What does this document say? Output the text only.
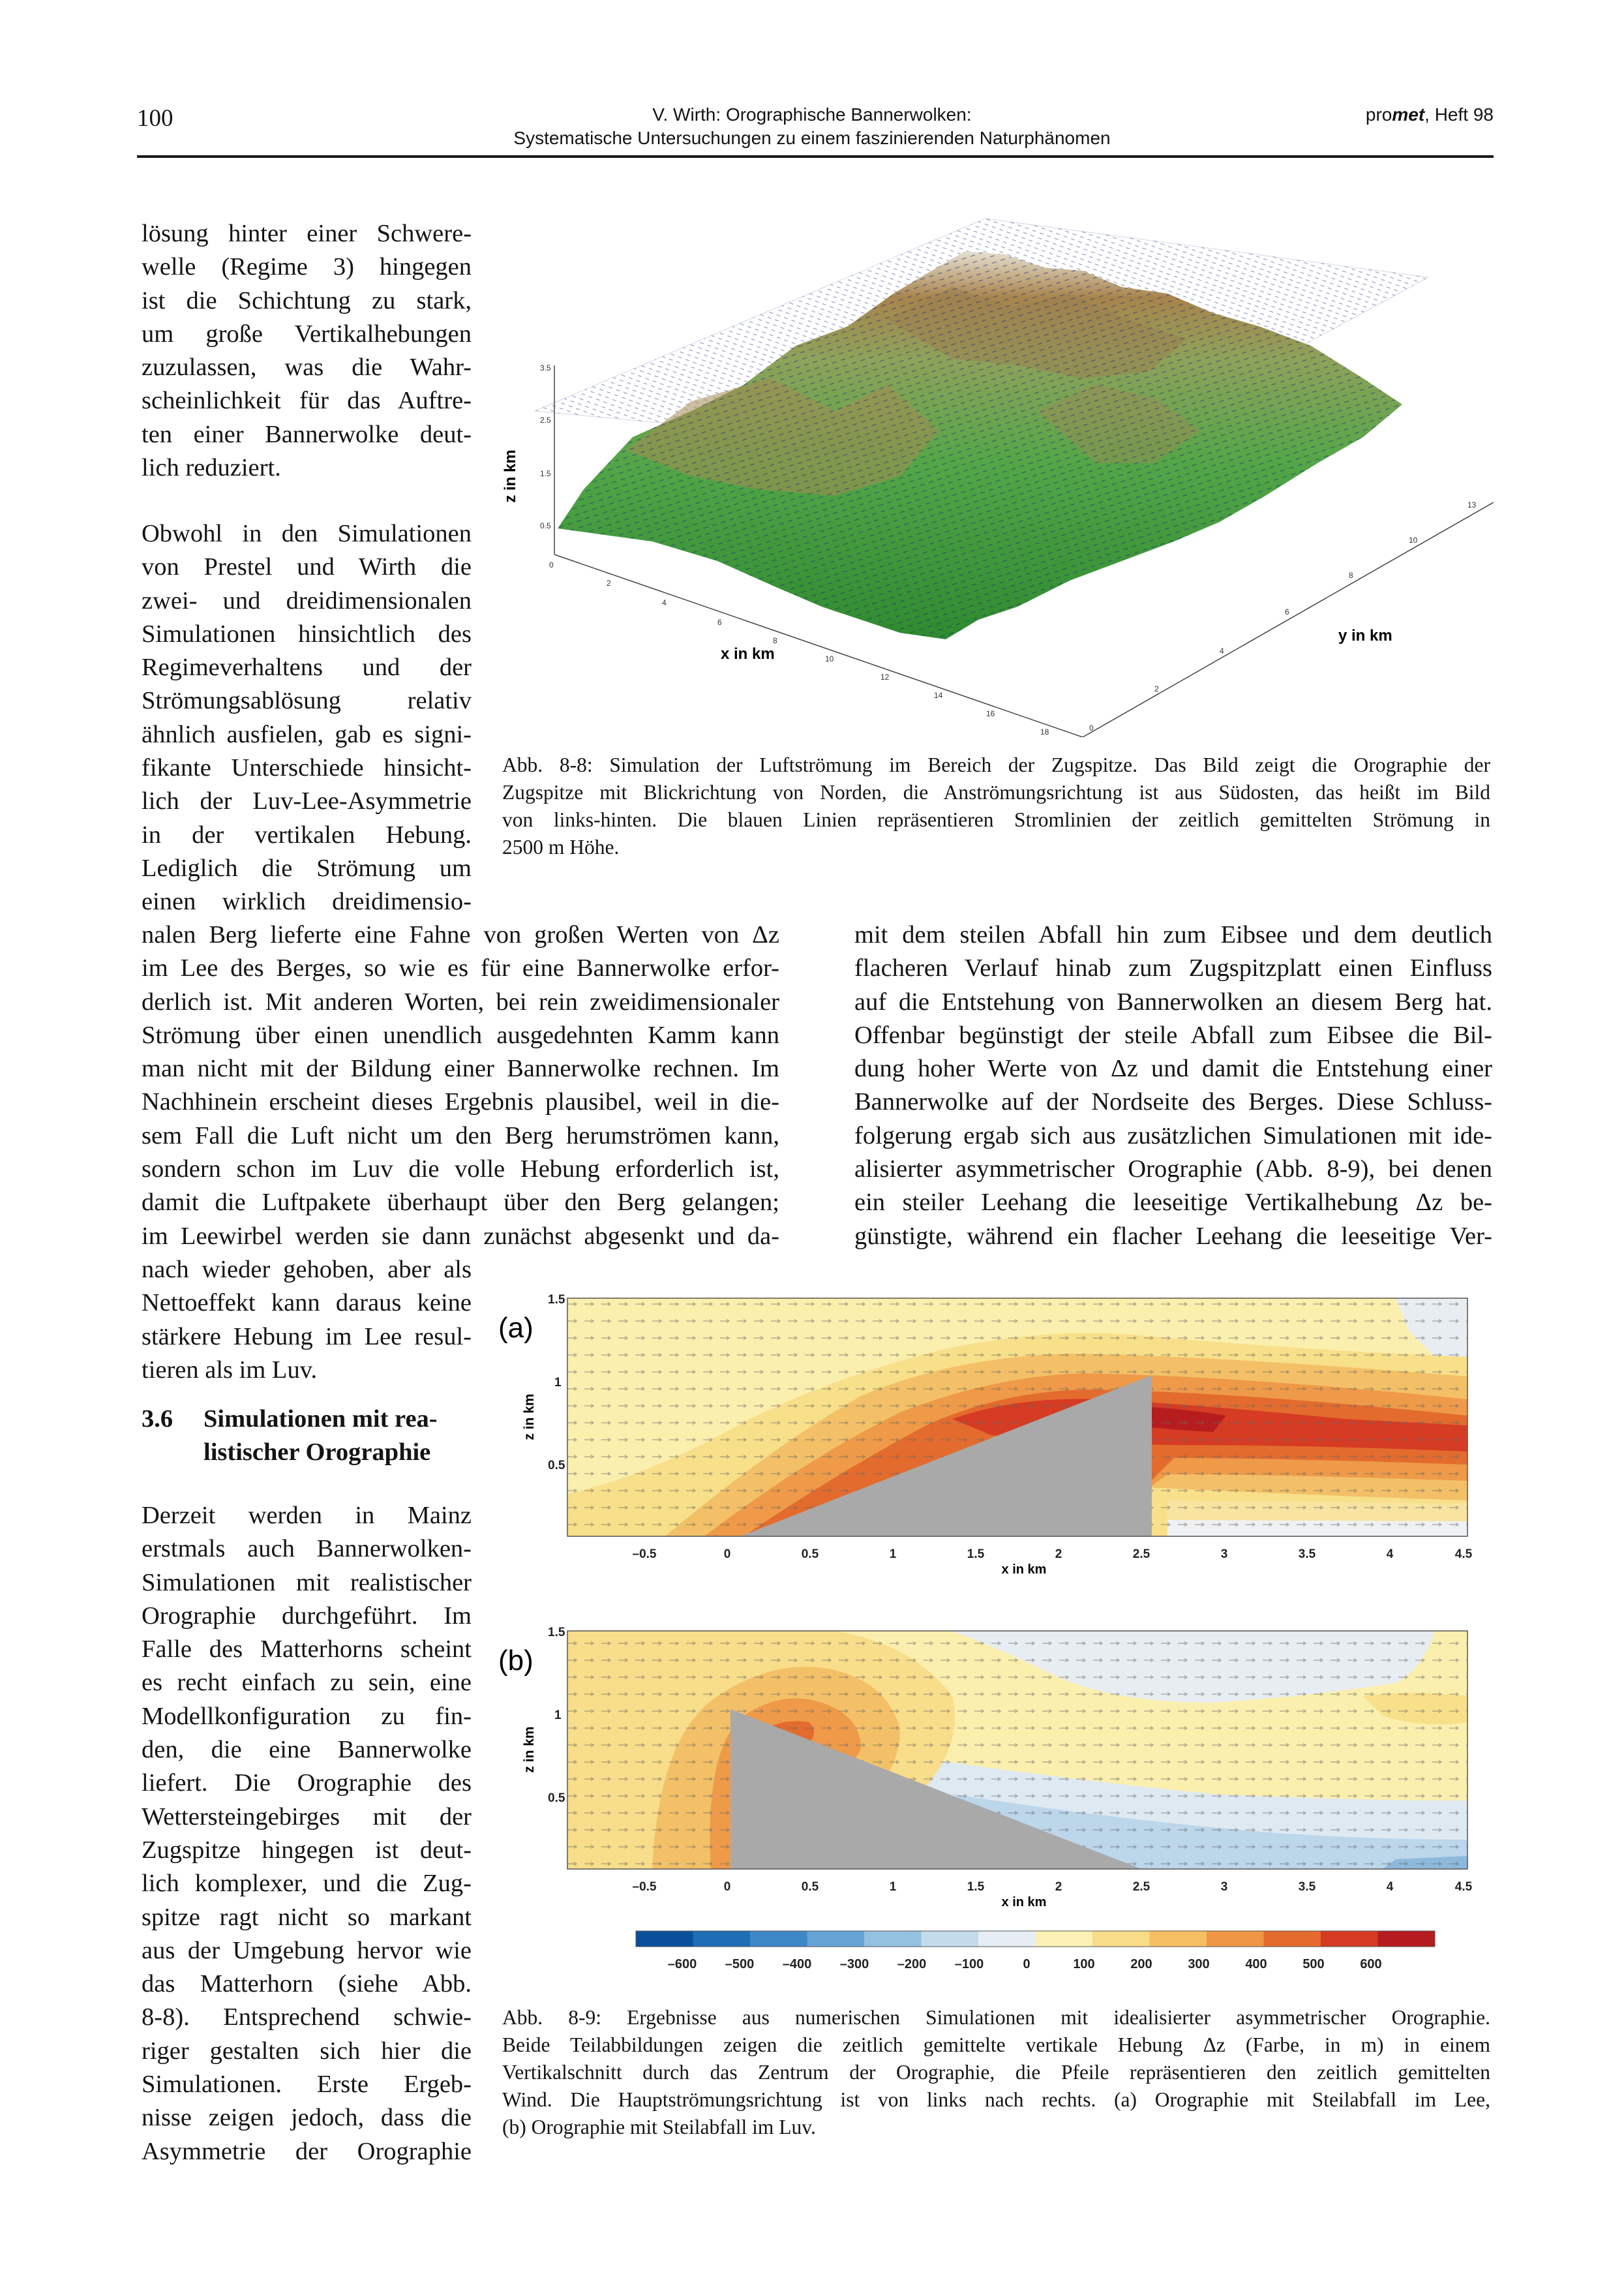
100	V. Wirth: Orographische Bannerwolken:
Systematische Untersuchungen zu einem faszinierenden Naturphänomen
promet, Heft 98
lösung hinter einer Schwere-
welle (Regime 3) hingegen
ist die Schichtung zu stark,
um große Vertikalhebungen
zuzulassen, was die Wahr-
scheinlichkeit für das Auftre-
ten einer Bannerwolke deut-
lich reduziert.
Obwohl in den Simulationen
von Prestel und Wirth die
zwei- und dreidimensionalen
Simulationen hinsichtlich des
Regimeverhaltens und der
Strömungsablösung relativ
ähnlich ausfielen, gab es signi-
fikante Unterschiede hinsicht-
lich der Luv-Lee-Asymmetrie
in der vertikalen Hebung.
Lediglich die Strömung um
einen wirklich dreidimensio-
nalen Berg lieferte eine Fahne von großen Werten von Δz
im Lee des Berges, so wie es für eine Bannerwolke erfor-
derlich ist. Mit anderen Worten, bei rein zweidimensionaler
Strömung über einen unendlich ausgedehnten Kamm kann
man nicht mit der Bildung einer Bannerwolke rechnen. Im
Nachhinein erscheint dieses Ergebnis plausibel, weil in die-
sem Fall die Luft nicht um den Berg herumströmen kann,
sondern schon im Luv die volle Hebung erforderlich ist,
damit die Luftpakete überhaupt über den Berg gelangen;
im Leewirbel werden sie dann zunächst abgesenkt und da-
nach wieder gehoben, aber als
Nettoeffekt kann daraus keine
stärkere Hebung im Lee resul-
tieren als im Luv.
3.6 Simulationen mit rea-
listischer Orographie
Derzeit werden in Mainz
erstmals auch Bannerwolken-
Simulationen mit realistischer
Orographie durchgeführt. Im
Falle des Matterhorns scheint
es recht einfach zu sein, eine
Modellkonfiguration zu fin-
den, die eine Bannerwolke
liefert. Die Orographie des
Wettersteingebirges mit der
Zugspitze hingegen ist deut-
lich komplexer, und die Zug-
spitze ragt nicht so markant
aus der Umgebung hervor wie
das Matterhorn (siehe Abb.
8-8). Entsprechend schwie-
riger gestalten sich hier die
Simulationen. Erste Ergeb-
nisse zeigen jedoch, dass die
Asymmetrie der Orographie
mit dem steilen Abfall hin zum Eibsee und dem deutlich
flacheren Verlauf hinab zum Zugspitzplatt einen Einfluss
auf die Entstehung von Bannerwolken an diesem Berg hat.
Offenbar begünstigt der steile Abfall zum Eibsee die Bil-
dung hoher Werte von Δz und damit die Entstehung einer
Bannerwolke auf der Nordseite des Berges. Diese Schluss-
folgerung ergab sich aus zusätzlichen Simulationen mit ide-
alisierter asymmetrischer Orographie (Abb. 8-9), bei denen
ein steiler Leehang die leeseitige Vertikalhebung Δz be-
günstigte, während ein flacher Leehang die leeseitige Ver-
3.5
2.5
1.5
0.5
0
2
4
6
8
10
12
14
16
18	0
2
4
6
8
10
13
z in km
x in km
y in km
Abb. 8-8: Simulation der Luftströmung im Bereich der Zugspitze. Das Bild zeigt die Orographie der
Zugspitze mit Blickrichtung von Norden, die Anströmungsrichtung ist aus Südosten, das heißt im Bild
von links-hinten. Die blauen Linien repräsentieren Stromlinien der zeitlich gemittelten Strömung in
2500 m Höhe.
(a)
z in km
1.5
1
0.5
–0.5	0	0.5	1	1.5	2	2.5	3	3.5	4	4.5
x in km
(b)
z in km
1.5
1
0.5
–0.5	0	0.5	1	1.5	2	2.5	3	3.5	4	4.5
x in km
–600 –500 –400 –300 –200 –100	0	100	200	300	400	500	600
Abb. 8-9: Ergebnisse aus numerischen Simulationen mit idealisierter asymmetrischer Orographie.
Beide Teilabbildungen zeigen die zeitlich gemittelte vertikale Hebung Δz (Farbe, in m) in einem
Vertikalschnitt durch das Zentrum der Orographie, die Pfeile repräsentieren den zeitlich gemittelten
Wind. Die Hauptströmungsrichtung ist von links nach rechts. (a) Orographie mit Steilabfall im Lee,
(b) Orographie mit Steilabfall im Luv.
